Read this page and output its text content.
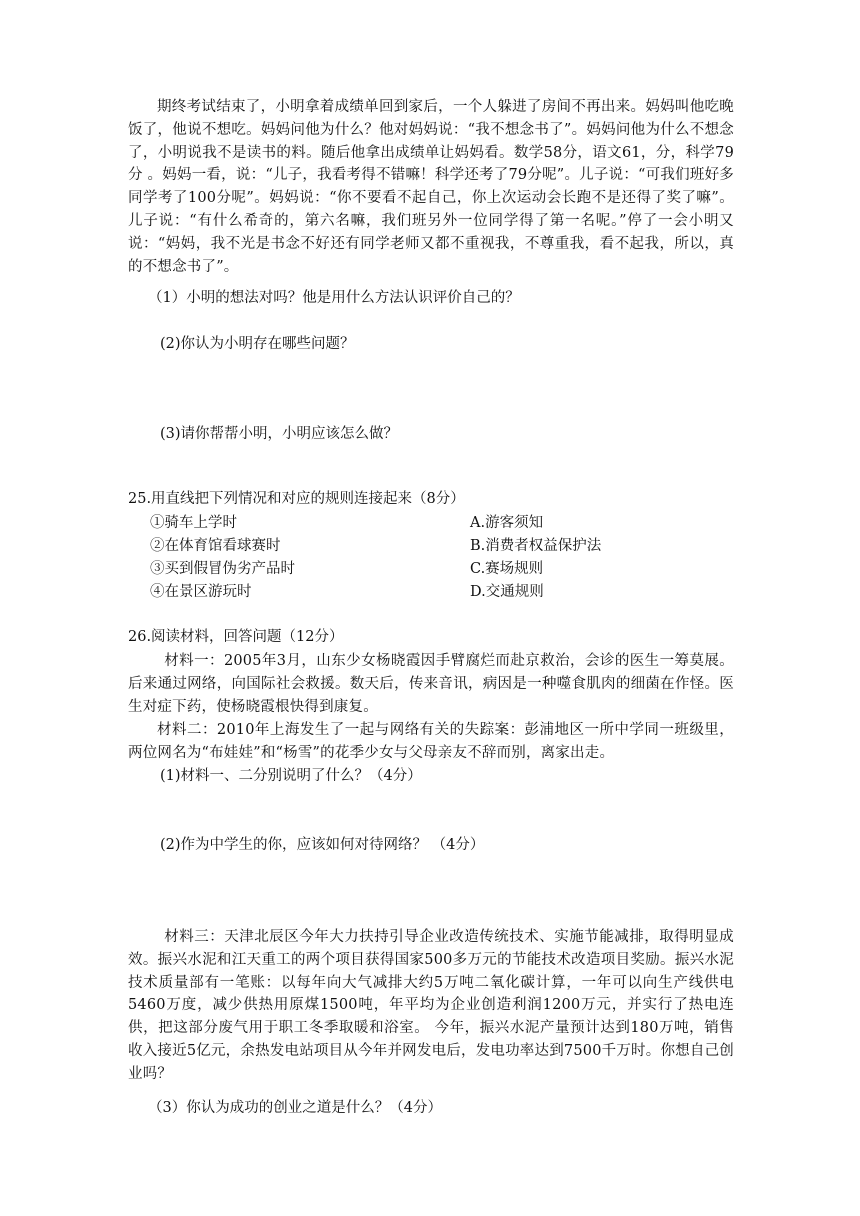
期终考试结束了，小明拿着成绩单回到家后，一个人躲进了房间不再出来。妈妈叫他吃晚饭了，他说不想吃。妈妈问他为什么？他对妈妈说：“我不想念书了”。妈妈问他为什么不想念了，小明说我不是读书的料。随后他拿出成绩单让妈妈看。数学58分，语文61，分，科学79分 。妈妈一看，说：“儿子，我看考得不错嘛！科学还考了79分呢”。儿子说：“可我们班好多同学考了100分呢”。妈妈说：“你不要看不起自己，你上次运动会长跑不是还得了奖了嘛”。儿子说：“有什么希奇的，第六名嘛，我们班另外一位同学得了第一名呢。”停了一会小明又说：“妈妈，我不光是书念不好还有同学老师又都不重视我，不尊重我，看不起我，所以，真的不想念书了”。

（1）小明的想法对吗？他是用什么方法认识评价自己的？
(2)你认为小明存在哪些问题？
(3)请你帮帮小明，小明应该怎么做？
25.用直线把下列情况和对应的规则连接起来（8分）
①骑车上学时	A.游客须知
②在体育馆看球赛时	B.消费者权益保护法
③买到假冒伪劣产品时	C.赛场规则
④在景区游玩时	D.交通规则
26.阅读材料，回答问题（12分）

材料一：2005年3月，山东少女杨晓霞因手臂腐烂而赴京救治，会诊的医生一筹莫展。后来通过网络，向国际社会救援。数天后，传来音讯，病因是一种噬食肌肉的细菌在作怪。医生对症下药，使杨晓霞根快得到康复。

材料二：2010年上海发生了一起与网络有关的失踪案：彭浦地区一所中学同一班级里，两位网名为“布娃娃”和“杨雪”的花季少女与父母亲友不辞而别，离家出走。

(1)材料一、二分别说明了什么？（4分）
(2)作为中学生的你，应该如何对待网络？ （4分）

材料三：天津北辰区今年大力扶持引导企业改造传统技术、实施节能减排，取得明显成效。振兴水泥和江天重工的两个项目获得国家500多万元的节能技术改造项目奖励。振兴水泥技术质量部有一笔账：以每年向大气减排大约5万吨二氧化碳计算，一年可以向生产线供电5460万度，减少供热用原煤1500吨，年平均为企业创造利润1200万元，并实行了热电连供，把这部分废气用于职工冬季取暖和浴室。 今年，振兴水泥产量预计达到180万吨，销售收入接近5亿元，余热发电站项目从今年并网发电后，发电功率达到7500千万时。你想自己创业吗？

（3）你认为成功的创业之道是什么？（4分）
